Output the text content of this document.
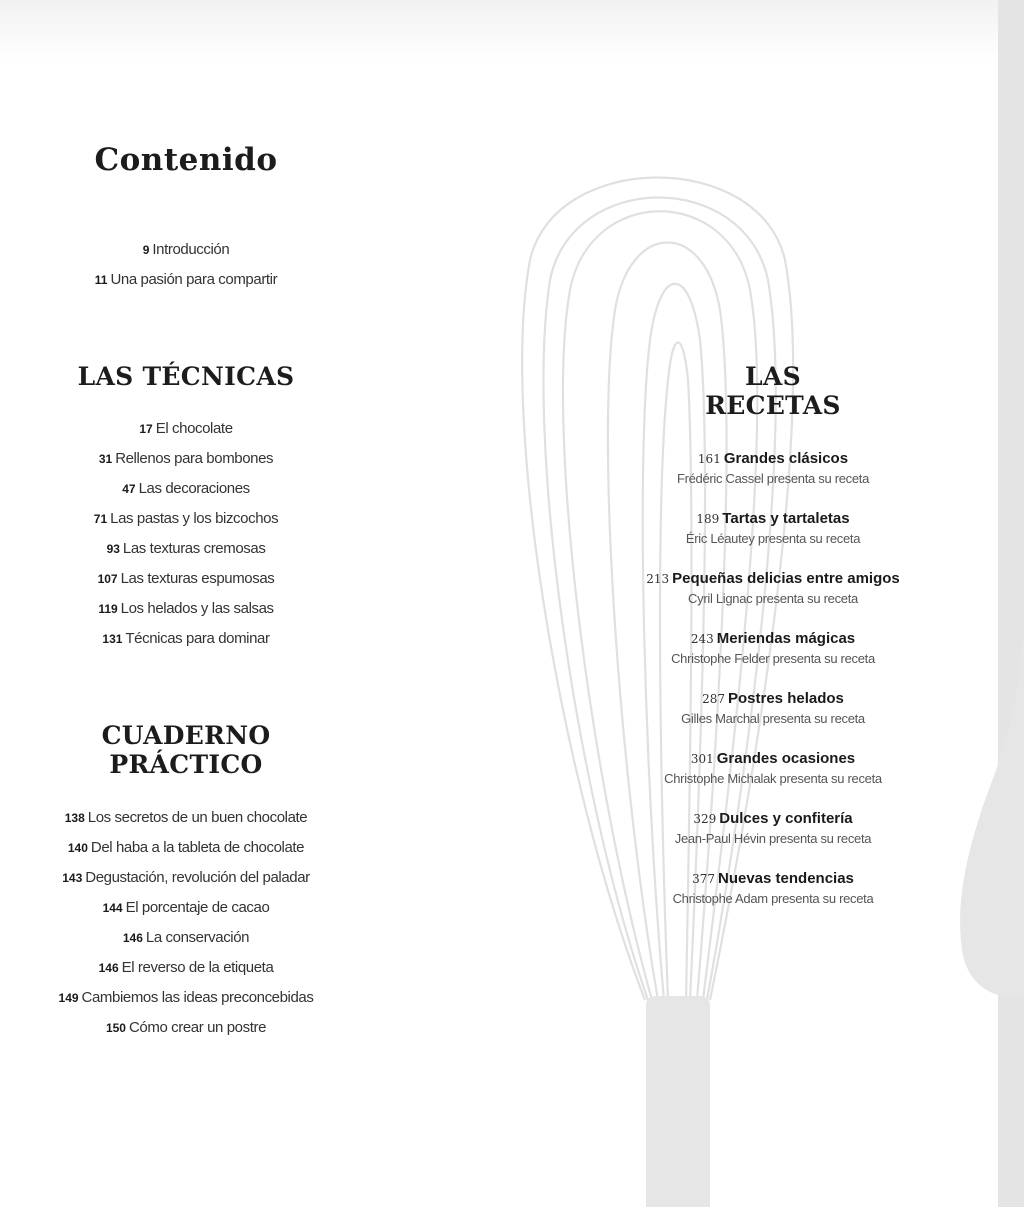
Contenido
9 Introducción
11 Una pasión para compartir
LAS TÉCNICAS
17 El chocolate
31 Rellenos para bombones
47 Las decoraciones
71 Las pastas y los bizcochos
93 Las texturas cremosas
107 Las texturas espumosas
119 Los helados y las salsas
131 Técnicas para dominar
CUADERNO
PRÁCTICO
138 Los secretos de un buen chocolate
140 Del haba a la tableta de chocolate
143 Degustación, revolución del paladar
144 El porcentaje de cacao
146 La conservación
146 El reverso de la etiqueta
149 Cambiemos las ideas preconcebidas
150 Cómo crear un postre
LAS
RECETAS
161 Grandes clásicos
Frédéric Cassel presenta su receta
189 Tartas y tartaletas
Éric Léautey presenta su receta
213 Pequeñas delicias entre amigos
Cyril Lignac presenta su receta
243 Meriendas mágicas
Christophe Felder presenta su receta
287 Postres helados
Gilles Marchal presenta su receta
301 Grandes ocasiones
Christophe Michalak presenta su receta
329 Dulces y confitería
Jean-Paul Hévin presenta su receta
377 Nuevas tendencias
Christophe Adam presenta su receta
